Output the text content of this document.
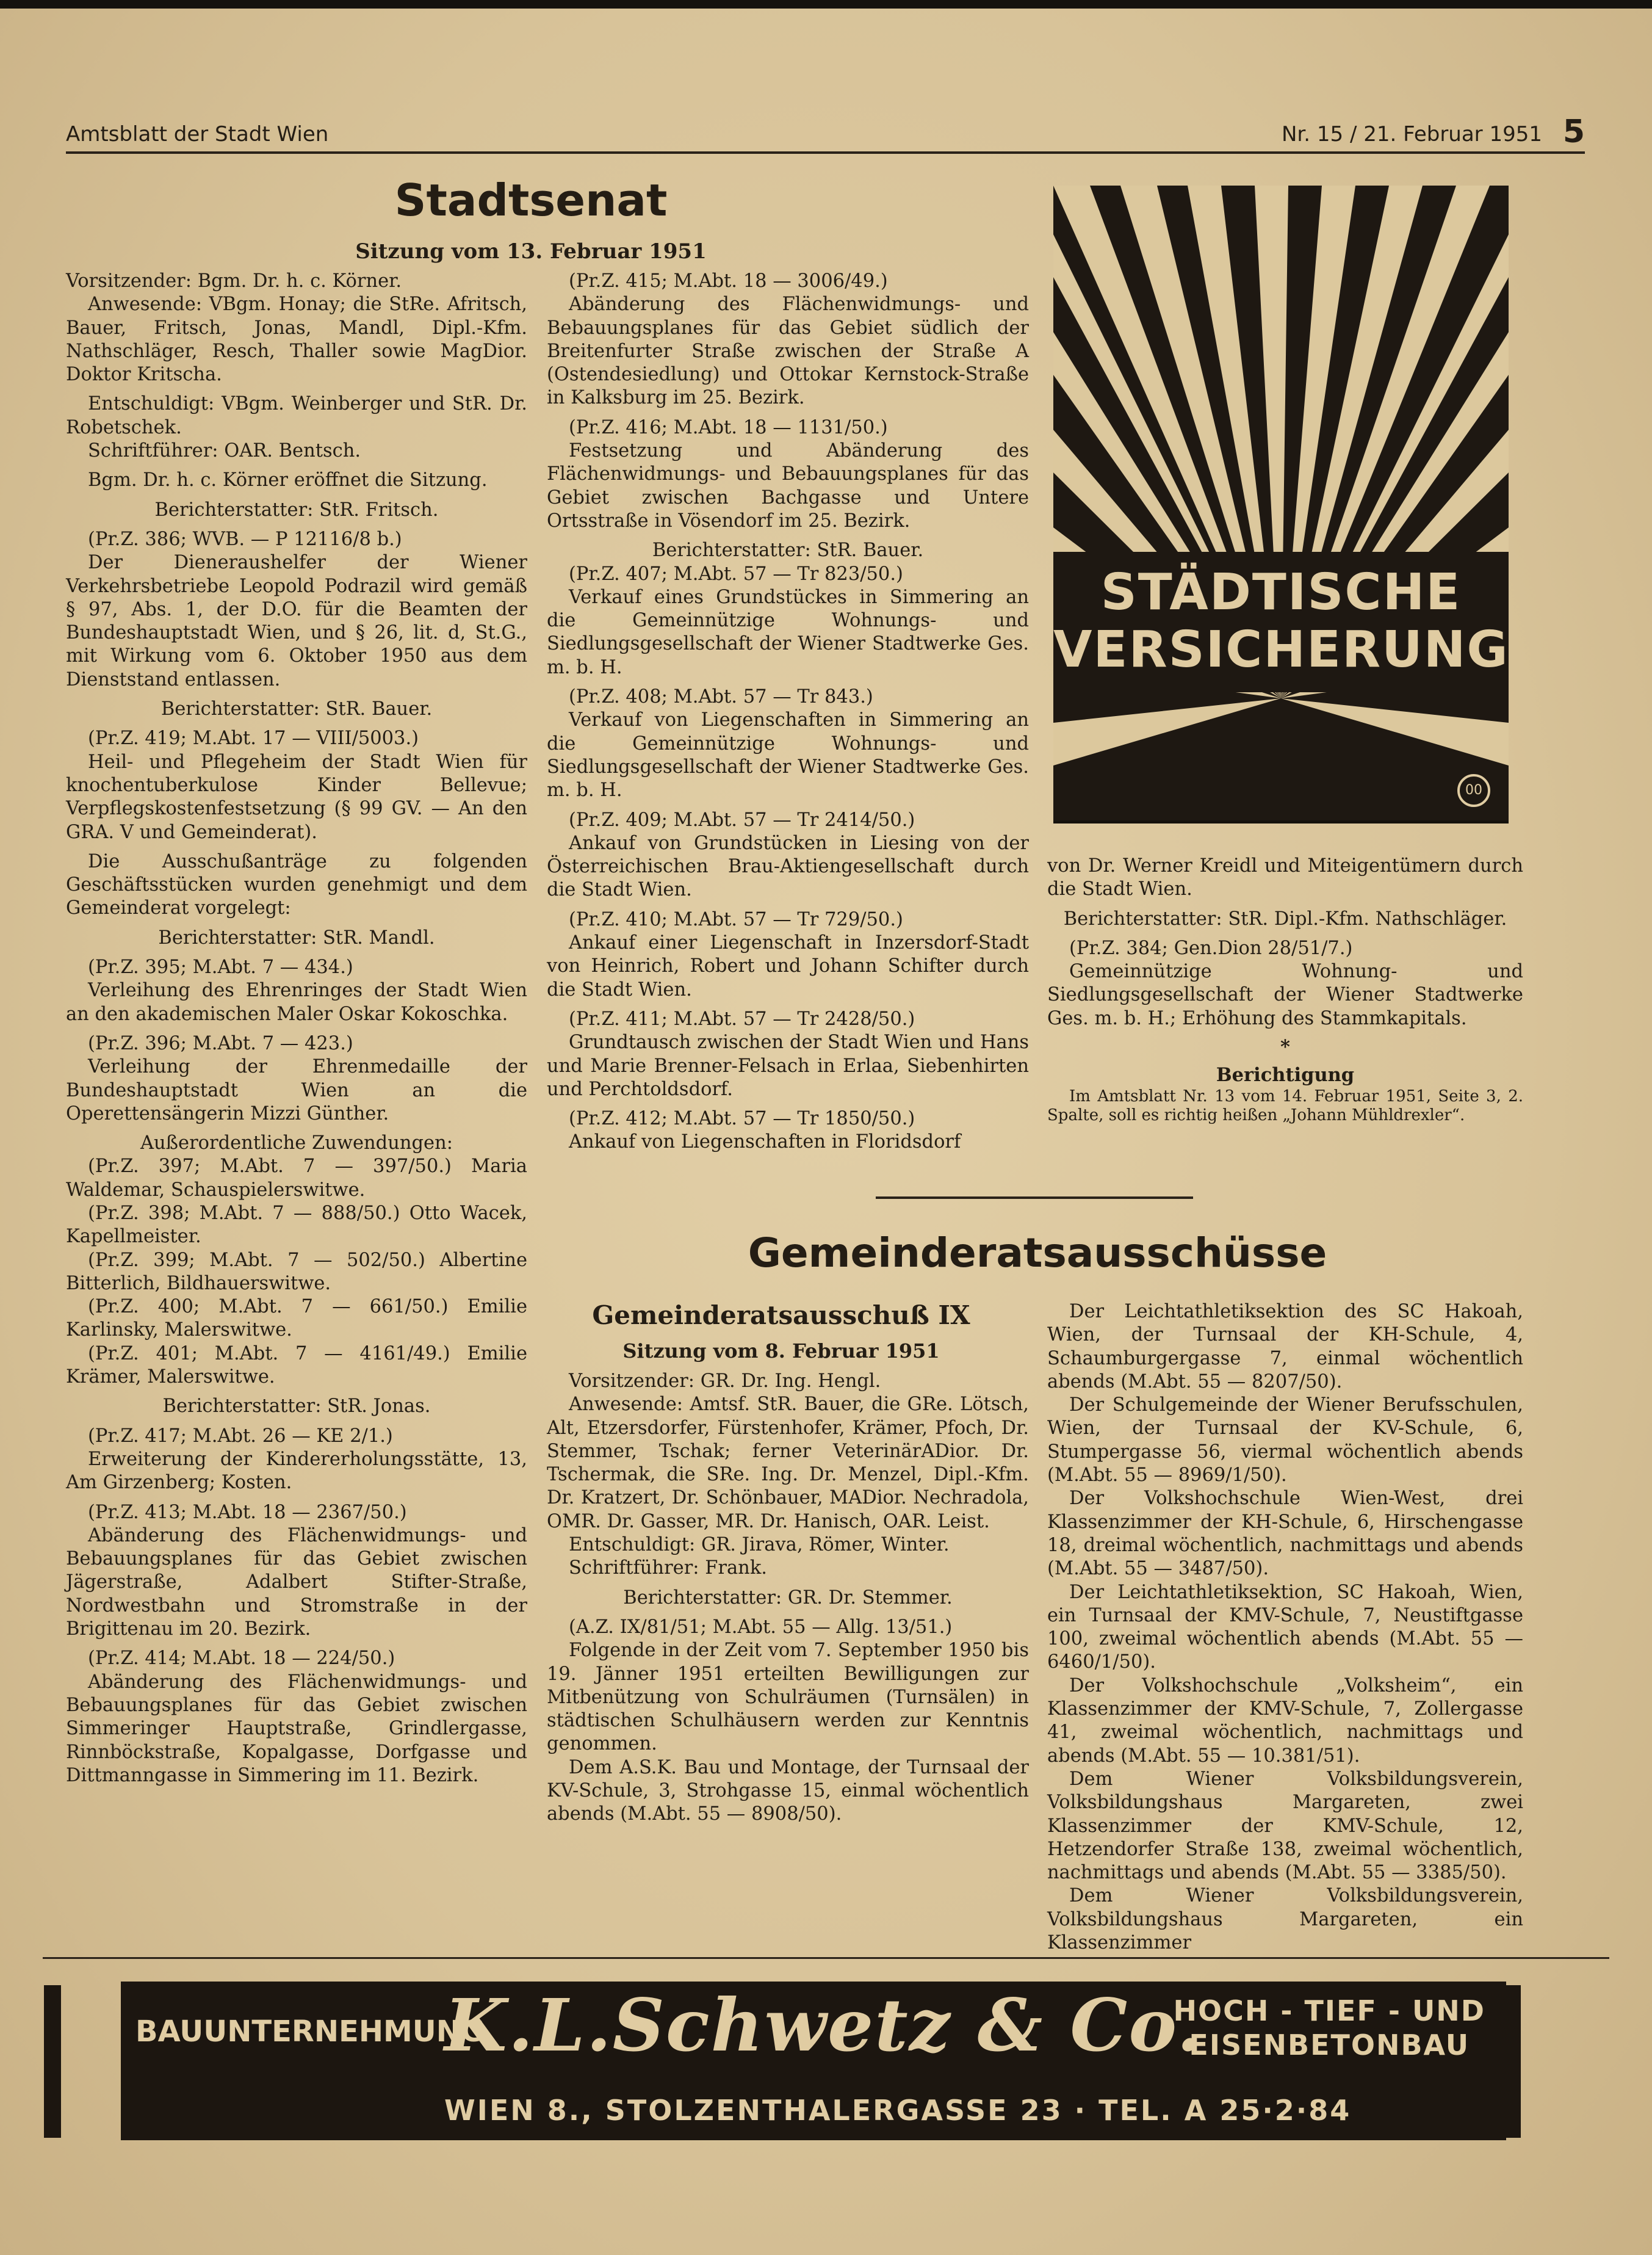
Amtsblatt der Stadt Wien	Nr. 15 / 21. Februar 1951 5
Stadtsenat
Sitzung vom 13. Februar 1951

Vorsitzender: Bgm. Dr. h. c. Körner.

Anwesende: VBgm. Honay; die StRe. Afritsch, Bauer, Fritsch, Jonas, Mandl, Dipl.-Kfm. Nathschläger, Resch, Thaller sowie MagDior. Doktor Kritscha.

Entschuldigt: VBgm. Weinberger und StR. Dr. Robetschek.

Schriftführer: OAR. Bentsch.

Bgm. Dr. h. c. Körner eröffnet die Sitzung.

Berichterstatter: StR. Fritsch.

(Pr.Z. 386; WVB. — P 12116/8 b.)

Der Dieneraushelfer der Wiener Verkehrsbetriebe Leopold Podrazil wird gemäß § 97, Abs. 1, der D.O. für die Beamten der Bundeshauptstadt Wien, und § 26, lit. d, St.G., mit Wirkung vom 6. Oktober 1950 aus dem Dienststand entlassen.

Berichterstatter: StR. Bauer.

(Pr.Z. 419; M.Abt. 17 — VIII/5003.)

Heil- und Pflegeheim der Stadt Wien für knochentuberkulose Kinder Bellevue; Verpflegskostenfestsetzung (§ 99 GV. — An den GRA. V und Gemeinderat).

Die Ausschußanträge zu folgenden Geschäftsstücken wurden genehmigt und dem Gemeinderat vorgelegt:

Berichterstatter: StR. Mandl.

(Pr.Z. 395; M.Abt. 7 — 434.)

Verleihung des Ehrenringes der Stadt Wien an den akademischen Maler Oskar Kokoschka.

(Pr.Z. 396; M.Abt. 7 — 423.)

Verleihung der Ehrenmedaille der Bundeshauptstadt Wien an die Operettensängerin Mizzi Günther.

Außerordentliche Zuwendungen:

(Pr.Z. 397; M.Abt. 7 — 397/50.) Maria Waldemar, Schauspielerswitwe.

(Pr.Z. 398; M.Abt. 7 — 888/50.) Otto Wacek, Kapellmeister.

(Pr.Z. 399; M.Abt. 7 — 502/50.) Albertine Bitterlich, Bildhauerswitwe.

(Pr.Z. 400; M.Abt. 7 — 661/50.) Emilie Karlinsky, Malerswitwe.

(Pr.Z. 401; M.Abt. 7 — 4161/49.) Emilie Krämer, Malerswitwe.

Berichterstatter: StR. Jonas.

(Pr.Z. 417; M.Abt. 26 — KE 2/1.)

Erweiterung der Kindererholungsstätte, 13, Am Girzenberg; Kosten.

(Pr.Z. 413; M.Abt. 18 — 2367/50.)

Abänderung des Flächenwidmungs- und Bebauungsplanes für das Gebiet zwischen Jägerstraße, Adalbert Stifter-Straße, Nordwestbahn und Stromstraße in der Brigittenau im 20. Bezirk.

(Pr.Z. 414; M.Abt. 18 — 224/50.)

Abänderung des Flächenwidmungs- und Bebauungsplanes für das Gebiet zwischen Simmeringer Hauptstraße, Grindlergasse, Rinnböckstraße, Kopalgasse, Dorfgasse und Dittmanngasse in Simmering im 11. Bezirk.

(Pr.Z. 415; M.Abt. 18 — 3006/49.)

Abänderung des Flächenwidmungs- und Bebauungsplanes für das Gebiet südlich der Breitenfurter Straße zwischen der Straße A (Ostendesiedlung) und Ottokar Kernstock-Straße in Kalksburg im 25. Bezirk.

(Pr.Z. 416; M.Abt. 18 — 1131/50.)

Festsetzung und Abänderung des Flächenwidmungs- und Bebauungsplanes für das Gebiet zwischen Bachgasse und Untere Ortsstraße in Vösendorf im 25. Bezirk.

Berichterstatter: StR. Bauer.

(Pr.Z. 407; M.Abt. 57 — Tr 823/50.)

Verkauf eines Grundstückes in Simmering an die Gemeinnützige Wohnungs- und Siedlungsgesellschaft der Wiener Stadtwerke Ges. m. b. H.

(Pr.Z. 408; M.Abt. 57 — Tr 843.)

Verkauf von Liegenschaften in Simmering an die Gemeinnützige Wohnungs- und Siedlungsgesellschaft der Wiener Stadtwerke Ges. m. b. H.

(Pr.Z. 409; M.Abt. 57 — Tr 2414/50.)

Ankauf von Grundstücken in Liesing von der Österreichischen Brau-Aktiengesellschaft durch die Stadt Wien.

(Pr.Z. 410; M.Abt. 57 — Tr 729/50.)

Ankauf einer Liegenschaft in Inzersdorf-Stadt von Heinrich, Robert und Johann Schifter durch die Stadt Wien.

(Pr.Z. 411; M.Abt. 57 — Tr 2428/50.)

Grundtausch zwischen der Stadt Wien und Hans und Marie Brenner-Felsach in Erlaa, Siebenhirten und Perchtoldsdorf.

(Pr.Z. 412; M.Abt. 57 — Tr 1850/50.)

Ankauf von Liegenschaften in Floridsdorf

von Dr. Werner Kreidl und Miteigentümern durch die Stadt Wien.

Berichterstatter: StR. Dipl.-Kfm. Nathschläger.

(Pr.Z. 384; Gen.Dion 28/51/7.)

Gemeinnützige Wohnung- und Siedlungsgesellschaft der Wiener Stadtwerke Ges. m. b. H.; Erhöhung des Stammkapitals.

*

Berichtigung

Im Amtsblatt Nr. 13 vom 14. Februar 1951, Seite 3, 2. Spalte, soll es richtig heißen „Johann Mühldrexler“.

STÄDTISCHE
VERSICHERUNG
00
Gemeinderatsausschüsse
Gemeinderatsausschuß IX
Sitzung vom 8. Februar 1951

Vorsitzender: GR. Dr. Ing. Hengl.

Anwesende: Amtsf. StR. Bauer, die GRe. Lötsch, Alt, Etzersdorfer, Fürstenhofer, Krämer, Pfoch, Dr. Stemmer, Tschak; ferner VeterinärADior. Dr. Tschermak, die SRe. Ing. Dr. Menzel, Dipl.-Kfm. Dr. Kratzert, Dr. Schönbauer, MADior. Nechradola, OMR. Dr. Gasser, MR. Dr. Hanisch, OAR. Leist.

Entschuldigt: GR. Jirava, Römer, Winter.

Schriftführer: Frank.

Berichterstatter: GR. Dr. Stemmer.

(A.Z. IX/81/51; M.Abt. 55 — Allg. 13/51.)

Folgende in der Zeit vom 7. September 1950 bis 19. Jänner 1951 erteilten Bewilligungen zur Mitbenützung von Schulräumen (Turnsälen) in städtischen Schulhäusern werden zur Kenntnis genommen.

Dem A.S.K. Bau und Montage, der Turnsaal der KV-Schule, 3, Strohgasse 15, einmal wöchentlich abends (M.Abt. 55 — 8908/50).

Der Leichtathletiksektion des SC Hakoah, Wien, der Turnsaal der KH-Schule, 4, Schaumburgergasse 7, einmal wöchentlich abends (M.Abt. 55 — 8207/50).

Der Schulgemeinde der Wiener Berufsschulen, Wien, der Turnsaal der KV-Schule, 6, Stumpergasse 56, viermal wöchentlich abends (M.Abt. 55 — 8969/1/50).

Der Volkshochschule Wien-West, drei Klassenzimmer der KH-Schule, 6, Hirschengasse 18, dreimal wöchentlich, nachmittags und abends (M.Abt. 55 — 3487/50).

Der Leichtathletiksektion, SC Hakoah, Wien, ein Turnsaal der KMV-Schule, 7, Neustiftgasse 100, zweimal wöchentlich abends (M.Abt. 55 — 6460/1/50).

Der Volkshochschule „Volksheim“, ein Klassenzimmer der KMV-Schule, 7, Zollergasse 41, zweimal wöchentlich, nachmittags und abends (M.Abt. 55 — 10.381/51).

Dem Wiener Volksbildungsverein, Volksbildungshaus Margareten, zwei Klassenzimmer der KMV-Schule, 12, Hetzendorfer Straße 138, zweimal wöchentlich, nachmittags und abends (M.Abt. 55 — 3385/50).

Dem Wiener Volksbildungsverein, Volksbildungshaus Margareten, ein Klassenzimmer

BAUUNTERNEHMUNG
K.L.Schwetz & Co.
HOCH - TIEF - UND
EISENBETONBAU
WIEN 8., STOLZENTHALERGASSE 23 · TEL. A 25·2·84
